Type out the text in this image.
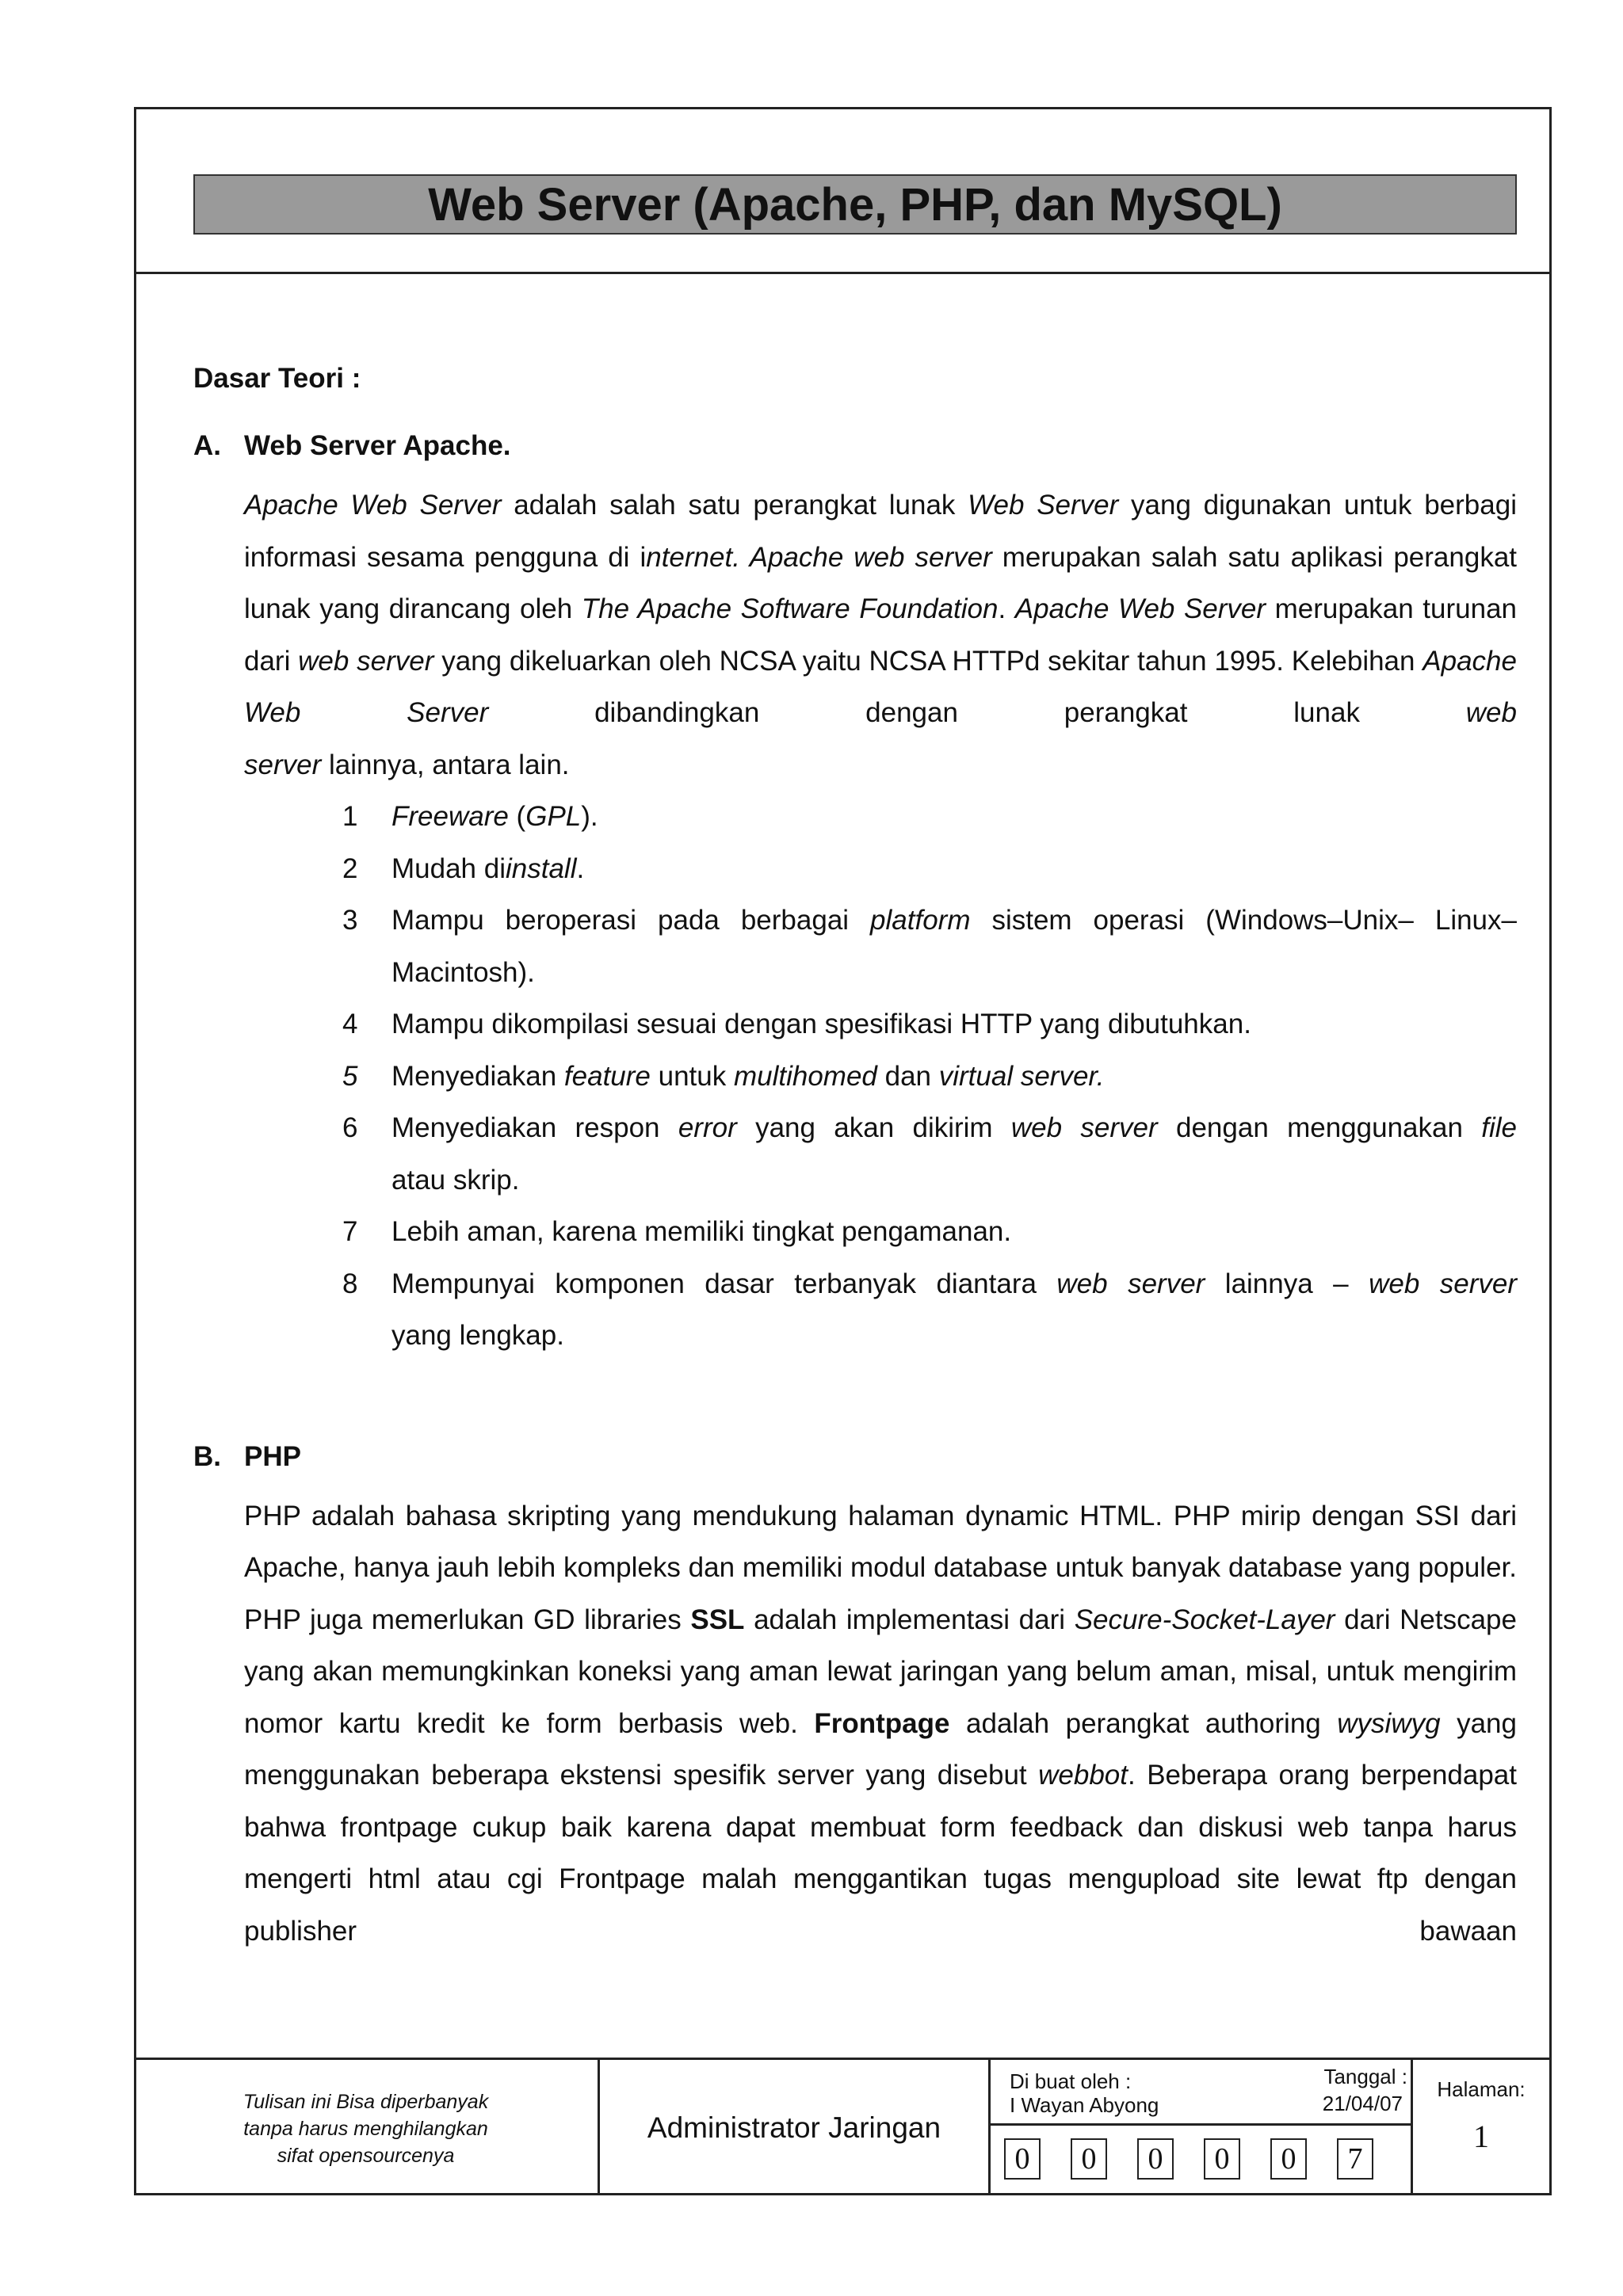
Web Server (Apache, PHP, dan MySQL)
Dasar Teori :
A. Web Server Apache.
Apache Web Server adalah salah satu perangkat lunak Web Server yang digunakan untuk berbagi informasi sesama pengguna di internet. Apache web server merupakan salah satu aplikasi perangkat lunak yang dirancang oleh The Apache Software Foundation. Apache Web Server merupakan turunan dari web server yang dikeluarkan oleh NCSA yaitu NCSA HTTPd sekitar tahun 1995. Kelebihan Apache Web Server dibandingkan dengan perangkat lunak web
server lainnya, antara lain.
1	Freeware (GPL).
2	Mudah diinstall.
3	Mampu beroperasi pada berbagai platform sistem operasi (Windows–Unix– Linux–
Macintosh).
4	Mampu dikompilasi sesuai dengan spesifikasi HTTP yang dibutuhkan.
5	Menyediakan feature untuk multihomed dan virtual server.
6	Menyediakan respon error yang akan dikirim web server dengan menggunakan file
atau skrip.
7	Lebih aman, karena memiliki tingkat pengamanan.
8	Mempunyai komponen dasar terbanyak diantara web server lainnya – web server
yang lengkap.
B. PHP
PHP adalah bahasa skripting yang mendukung halaman dynamic HTML. PHP mirip dengan SSI dari Apache, hanya jauh lebih kompleks dan memiliki modul database untuk banyak database yang populer. PHP juga memerlukan GD libraries SSL adalah implementasi dari Secure-Socket-Layer dari Netscape yang akan memungkinkan koneksi yang aman lewat jaringan yang belum aman, misal, untuk mengirim nomor kartu kredit ke form berbasis web. Frontpage adalah perangkat authoring wysiwyg yang menggunakan beberapa ekstensi spesifik server yang disebut webbot. Beberapa orang berpendapat bahwa frontpage cukup baik karena dapat membuat form feedback dan diskusi web tanpa harus mengerti html atau cgi Frontpage malah menggantikan tugas mengupload site lewat ftp dengan publisher bawaan
Tulisan ini Bisa diperbanyak
tanpa harus menghilangkan
sifat opensourcenya
Administrator Jaringan
Di buat oleh :
I Wayan Abyong
Tanggal :
21/04/07
0	0	0	0	0	7
Halaman:
1
